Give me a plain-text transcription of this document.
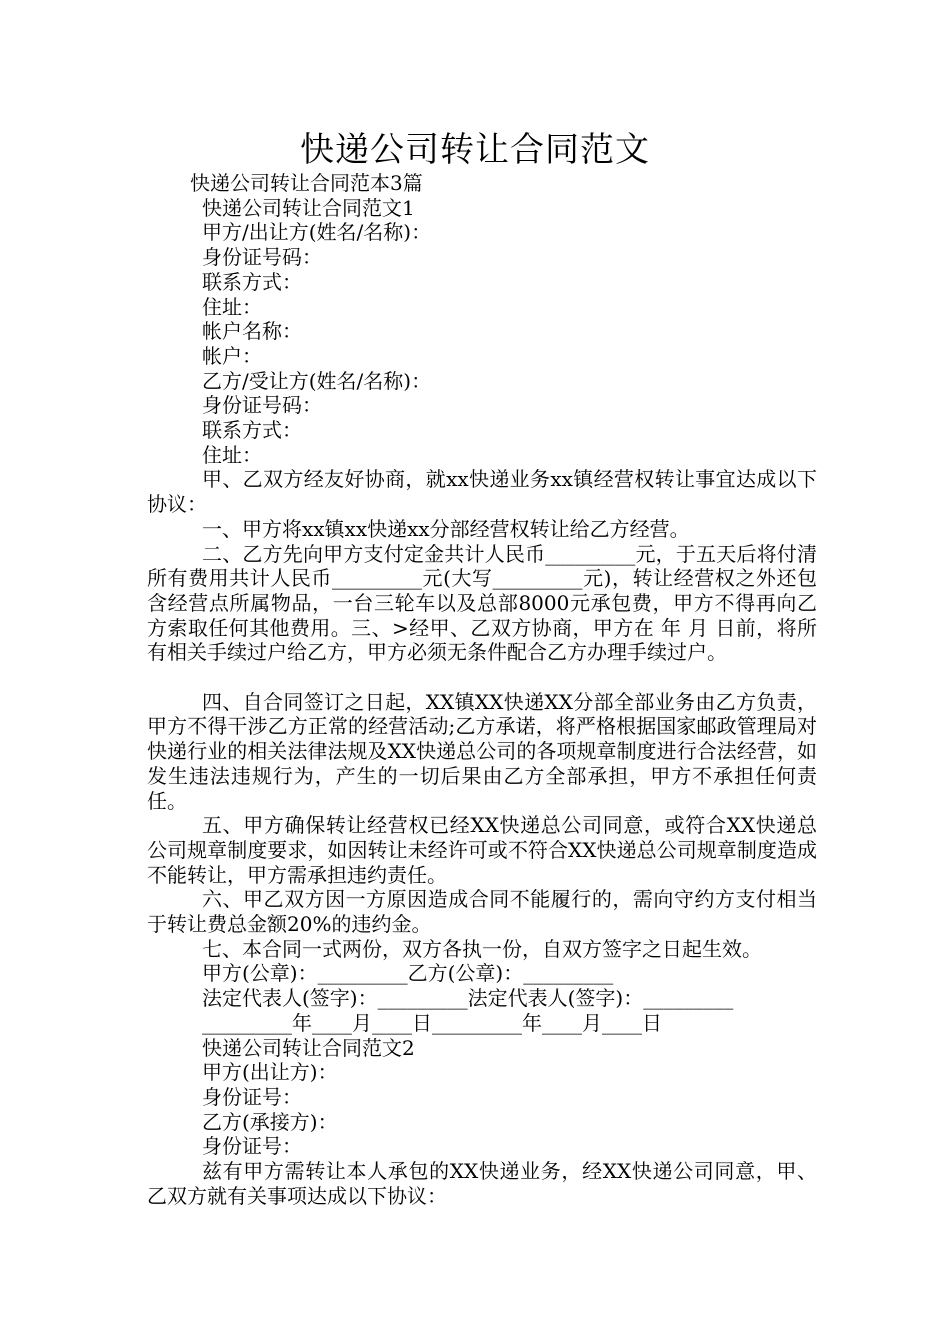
快递公司转让合同范文
快递公司转让合同范本3篇
快递公司转让合同范文1
甲方/出让方(姓名/名称)：
身份证号码：
联系方式：
住址：
帐户名称：
帐户：
乙方/受让方(姓名/名称)：
身份证号码：
联系方式：
住址：
甲、乙双方经友好协商，就xx快递业务xx镇经营权转让事宜达成以下协议：
一、甲方将xx镇xx快递xx分部经营权转让给乙方经营。
二、乙方先向甲方支付定金共计人民币_________元，于五天后将付清所有费用共计人民币_________元(大写_________元)，转让经营权之外还包含经营点所属物品，一台三轮车以及总部8000元承包费，甲方不得再向乙方索取任何其他费用。三、>经甲、乙双方协商，甲方在 年 月 日前，将所有相关手续过户给乙方，甲方必须无条件配合乙方办理手续过户。
四、自合同签订之日起，XX镇XX快递XX分部全部业务由乙方负责，甲方不得干涉乙方正常的经营活动;乙方承诺，将严格根据国家邮政管理局对快递行业的相关法律法规及XX快递总公司的各项规章制度进行合法经营，如发生违法违规行为，产生的一切后果由乙方全部承担，甲方不承担任何责任。
五、甲方确保转让经营权已经XX快递总公司同意，或符合XX快递总公司规章制度要求，如因转让未经许可或不符合XX快递总公司规章制度造成不能转让，甲方需承担违约责任。
六、甲乙双方因一方原因造成合同不能履行的，需向守约方支付相当于转让费总金额20%的违约金。
七、本合同一式两份，双方各执一份，自双方签字之日起生效。
甲方(公章)：_________乙方(公章)：_________
法定代表人(签字)：_________法定代表人(签字)：_________
_________年____月____日_________年____月____日
快递公司转让合同范文2
甲方(出让方)：
身份证号：
乙方(承接方)：
身份证号：
兹有甲方需转让本人承包的XX快递业务，经XX快递公司同意，甲、乙双方就有关事项达成以下协议：
